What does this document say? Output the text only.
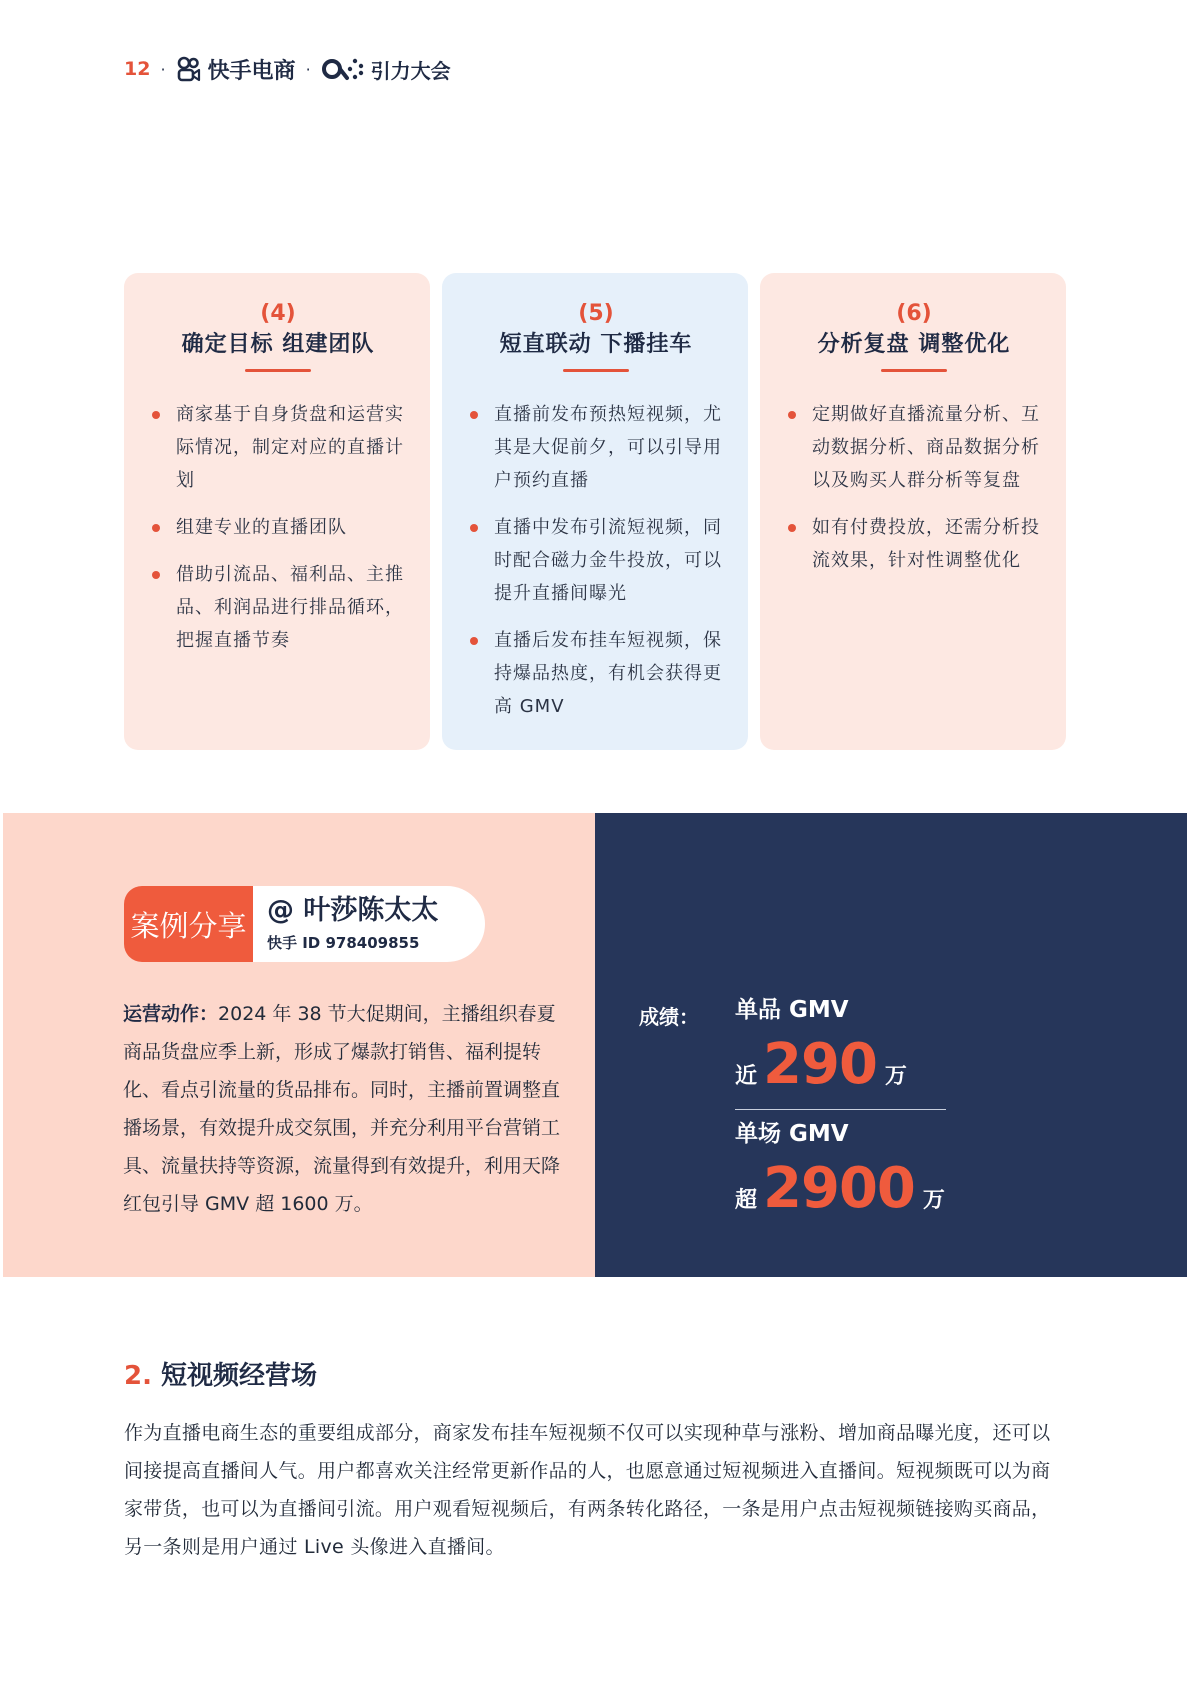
12 · 快手电商 ·	引力大会
(4)
确定目标 组建团队
商家基于自身货盘和运营实际情况，制定对应的直播计划
组建专业的直播团队
借助引流品、福利品、主推品、利润品进行排品循环，把握直播节奏
(5)
短直联动 下播挂车
直播前发布预热短视频，尤其是大促前夕，可以引导用户预约直播
直播中发布引流短视频，同时配合磁力金牛投放，可以提升直播间曝光
直播后发布挂车短视频，保持爆品热度，有机会获得更高 GMV
(6)
分析复盘 调整优化
定期做好直播流量分析、互动数据分析、商品数据分析以及购买人群分析等复盘
如有付费投放，还需分析投流效果，针对性调整优化
案例分享 @ 叶莎陈太太
快手 ID 978409855
运营动作：2024 年 38 节大促期间，主播组织春夏商品货盘应季上新，形成了爆款打销售、福利提转化、看点引流量的货品排布。同时，主播前置调整直播场景，有效提升成交氛围，并充分利用平台营销工具、流量扶持等资源，流量得到有效提升，利用天降红包引导 GMV 超 1600 万。
成绩： 单品 GMV
近 290 万
单场 GMV
超 2900 万
2. 短视频经营场
作为直播电商生态的重要组成部分，商家发布挂车短视频不仅可以实现种草与涨粉、增加商品曝光度，还可以间接提高直播间人气。用户都喜欢关注经常更新作品的人，也愿意通过短视频进入直播间。短视频既可以为商家带货，也可以为直播间引流。用户观看短视频后，有两条转化路径，一条是用户点击短视频链接购买商品，另一条则是用户通过 Live 头像进入直播间。
